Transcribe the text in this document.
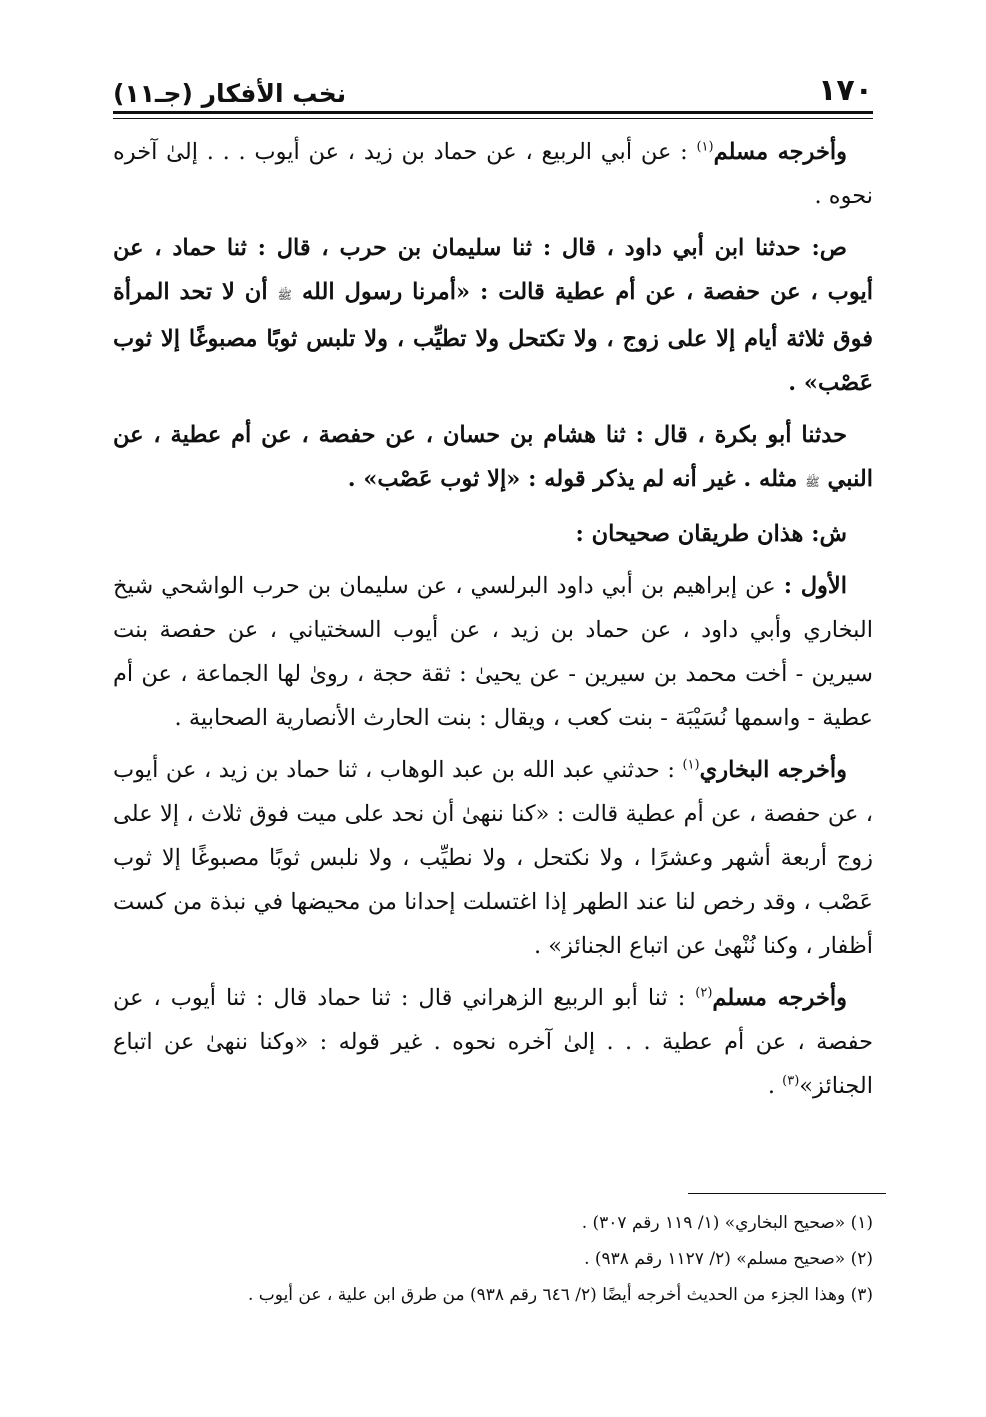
١٧٠
نخب الأفكار (جـ١١)

وأخرجه مسلم$^{(١)}$ : عن أبي الربيع ، عن حماد بن زيد ، عن أيوب . . . إلىٰ آخره نحوه .

ص: حدثنا ابن أبي داود ، قال : ثنا سليمان بن حرب ، قال : ثنا حماد ، عن أيوب ، عن حفصة ، عن أم عطية قالت : «أمرنا رسول الله ﷺ أن لا تحد المرأة فوق ثلاثة أيام إلا على زوج ، ولا تكتحل ولا تطيِّب ، ولا تلبس ثوبًا مصبوغًا إلا ثوب عَصْب» .

حدثنا أبو بكرة ، قال : ثنا هشام بن حسان ، عن حفصة ، عن أم عطية ، عن النبي ﷺ مثله . غير أنه لم يذكر قوله : «إلا ثوب عَصْب» .

ش: هذان طريقان صحيحان :

الأول : عن إبراهيم بن أبي داود البرلسي ، عن سليمان بن حرب الواشحي شيخ البخاري وأبي داود ، عن حماد بن زيد ، عن أيوب السختياني ، عن حفصة بنت سيرين - أخت محمد بن سيرين - عن يحيىٰ : ثقة حجة ، روىٰ لها الجماعة ، عن أم عطية - واسمها نُسَيْبَة - بنت كعب ، ويقال : بنت الحارث الأنصارية الصحابية .

وأخرجه البخاري$^{(١)}$ : حدثني عبد الله بن عبد الوهاب ، ثنا حماد بن زيد ، عن أيوب ، عن حفصة ، عن أم عطية قالت : «كنا ننهىٰ أن نحد على ميت فوق ثلاث ، إلا على زوج أربعة أشهر وعشرًا ، ولا نكتحل ، ولا نطيِّب ، ولا نلبس ثوبًا مصبوغًا إلا ثوب عَصْب ، وقد رخص لنا عند الطهر إذا اغتسلت إحدانا من محيضها في نبذة من كست أظفار ، وكنا نُنْهىٰ عن اتباع الجنائز» .

وأخرجه مسلم$^{(٢)}$ : ثنا أبو الربيع الزهراني قال : ثنا حماد قال : ثنا أيوب ، عن حفصة ، عن أم عطية . . . إلىٰ آخره نحوه . غير قوله : «وكنا ننهىٰ عن اتباع الجنائز»$^{(٣)}$ .

(١) «صحيح البخاري» (١/ ١١٩ رقم ٣٠٧) .

(٢) «صحيح مسلم» (٢/ ١١٢٧ رقم ٩٣٨) .

(٣) وهذا الجزء من الحديث أخرجه أيضًا (٢/ ٦٤٦ رقم ٩٣٨) من طرق ابن علية ، عن أيوب .
